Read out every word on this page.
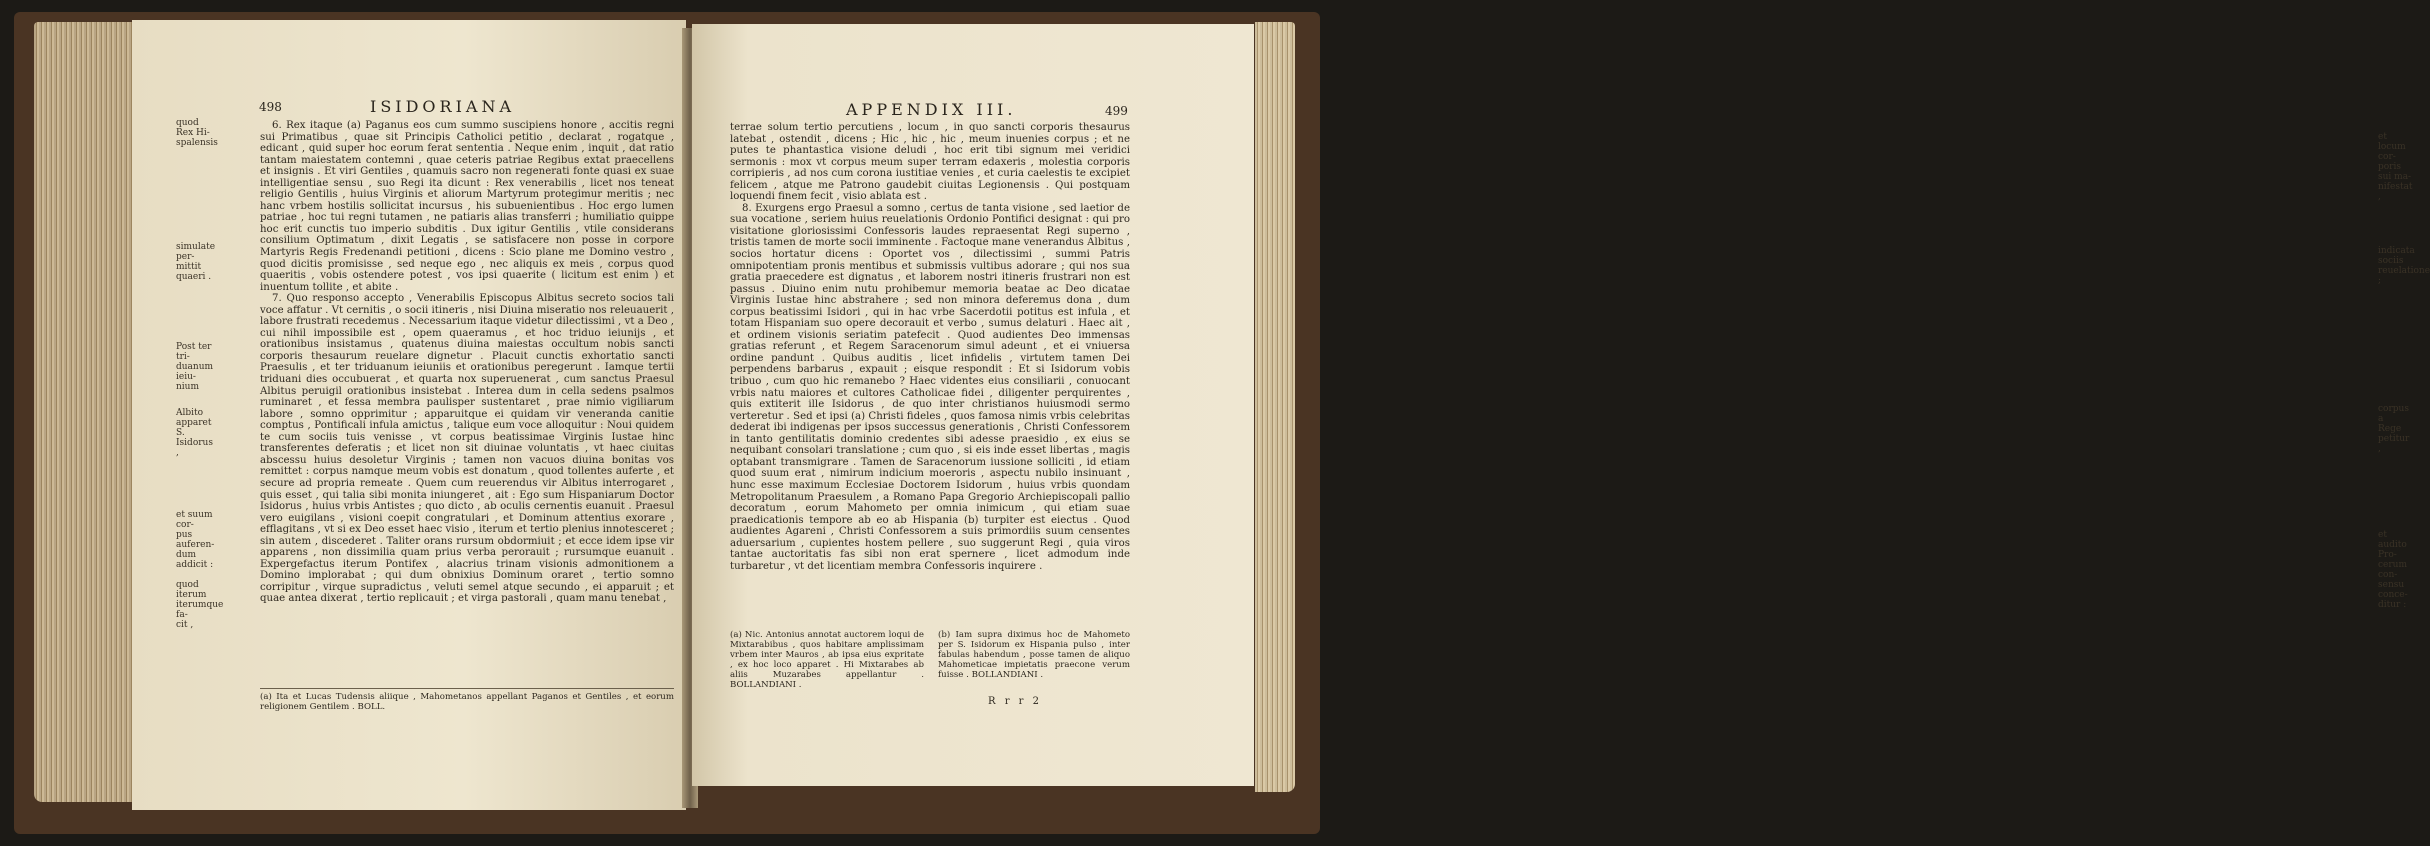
498	ISIDORIANA

6. Rex itaque (a) Paganus eos cum summo suscipiens honore , accitis regni sui Primatibus , quae sit Principis Catholici petitio , declarat , rogatque , edicant , quid super hoc eorum ferat sententia . Neque enim , inquit , dat ratio tantam maiestatem contemni , quae ceteris patriae Regibus extat praecellens et insignis . Et viri Gentiles , quamuis sacro non regenerati fonte quasi ex suae intelligentiae sensu , suo Regi ita dicunt : Rex venerabilis , licet nos teneat religio Gentilis , huius Virginis et aliorum Martyrum protegimur meritis ; nec hanc vrbem hostilis sollicitat incursus , his subuenientibus . Hoc ergo lumen patriae , hoc tui regni tutamen , ne patiaris alias transferri ; humiliatio quippe hoc erit cunctis tuo imperio subditis . Dux igitur Gentilis , vtile considerans consilium Optimatum , dixit Legatis , se satisfacere non posse in corpore Martyris Regis Fredenandi petitioni , dicens : Scio plane me Domino vestro , quod dicitis promisisse , sed neque ego , nec aliquis ex meis , corpus quod quaeritis , vobis ostendere potest , vos ipsi quaerite ( licitum est enim ) et inuentum tollite , et abite .

7. Quo responso accepto , Venerabilis Episcopus Albitus secreto socios tali voce affatur . Vt cernitis , o socii itineris , nisi Diuina miseratio nos releuauerit , labore frustrati recedemus . Necessarium itaque videtur dilectissimi , vt a Deo , cui nihil impossibile est , opem quaeramus , et hoc triduo ieiunijs , et orationibus insistamus , quatenus diuina maiestas occultum nobis sancti corporis thesaurum reuelare dignetur . Placuit cunctis exhortatio sancti Praesulis , et ter triduanum ieiuniis et orationibus peregerunt . Iamque tertii triduani dies occubuerat , et quarta nox superuenerat , cum sanctus Praesul Albitus peruigil orationibus insistebat . Interea dum in cella sedens psalmos ruminaret , et fessa membra paulisper sustentaret , prae nimio vigiliarum labore , somno opprimitur ; apparuitque ei quidam vir veneranda canitie comptus , Pontificali infula amictus , talique eum voce alloquitur : Noui quidem te cum sociis tuis venisse , vt corpus beatissimae Virginis Iustae hinc transferentes deferatis ; et licet non sit diuinae voluntatis , vt haec ciuitas abscessu huius desoletur Virginis ; tamen non vacuos diuina bonitas vos remittet : corpus namque meum vobis est donatum , quod tollentes auferte , et secure ad propria remeate . Quem cum reuerendus vir Albitus interrogaret , quis esset , qui talia sibi monita iniungeret , ait : Ego sum Hispaniarum Doctor Isidorus , huius vrbis Antistes ; quo dicto , ab oculis cernentis euanuit . Praesul vero euigilans , visioni coepit congratulari , et Dominum attentius exorare , efflagitans , vt si ex Deo esset haec visio , iterum et tertio plenius innotesceret ; sin autem , discederet . Taliter orans rursum obdormiuit ; et ecce idem ipse vir apparens , non dissimilia quam prius verba perorauit ; rursumque euanuit . Expergefactus iterum Pontifex , alacrius trinam visionis admonitionem a Domino implorabat ; qui dum obnixius Dominum oraret , tertio somno corripitur , virque supradictus , veluti semel atque secundo , ei apparuit ; et quae antea dixerat , tertio replicauit ; et virga pastorali , quam manu tenebat ,

(a) Ita et Lucas Tudensis aliique , Mahometanos appellant Paganos et Gentiles , et eorum religionem Gentilem . BOLL.
quod Rex Hi-
spalensis
simulate per-
mittit quaeri .
Post ter tri-
duanum ieiu-
nium
Albito apparet
S. Isidorus ,
et suum cor-
pus auferen-
dum addicit :
quod iterum
iterumque fa-
cit ,
APPENDIX III.	499

terrae solum tertio percutiens , locum , in quo sancti corporis thesaurus latebat , ostendit , dicens ; Hic , hic , hic , meum inuenies corpus ; et ne putes te phantastica visione deludi , hoc erit tibi signum mei veridici sermonis : mox vt corpus meum super terram edaxeris , molestia corporis corripieris , ad nos cum corona iustitiae venies , et curia caelestis te excipiet felicem , atque me Patrono gaudebit ciuitas Legionensis . Qui postquam loquendi finem fecit , visio ablata est .

8. Exurgens ergo Praesul a somno , certus de tanta visione , sed laetior de sua vocatione , seriem huius reuelationis Ordonio Pontifici designat : qui pro visitatione gloriosissimi Confessoris laudes repraesentat Regi superno , tristis tamen de morte socii imminente . Factoque mane venerandus Albitus , socios hortatur dicens : Oportet vos , dilectissimi , summi Patris omnipotentiam pronis mentibus et submissis vultibus adorare ; qui nos sua gratia praecedere est dignatus , et laborem nostri itineris frustrari non est passus . Diuino enim nutu prohibemur memoria beatae ac Deo dicatae Virginis Iustae hinc abstrahere ; sed non minora deferemus dona , dum corpus beatissimi Isidori , qui in hac vrbe Sacerdotii potitus est infula , et totam Hispaniam suo opere decorauit et verbo , sumus delaturi . Haec ait , et ordinem visionis seriatim patefecit . Quod audientes Deo immensas gratias referunt , et Regem Saracenorum simul adeunt , et ei vniuersa ordine pandunt . Quibus auditis , licet infidelis , virtutem tamen Dei perpendens barbarus , expauit ; eisque respondit : Et si Isidorum vobis tribuo , cum quo hic remanebo ? Haec videntes eius consiliarii , conuocant vrbis natu maiores et cultores Catholicae fidei , diligenter perquirentes , quis extiterit ille Isidorus , de quo inter christianos huiusmodi sermo verteretur . Sed et ipsi (a) Christi fideles , quos famosa nimis vrbis celebritas dederat ibi indigenas per ipsos successus generationis , Christi Confessorem in tanto gentilitatis dominio credentes sibi adesse praesidio , ex eius se nequibant consolari translatione ; cum quo , si eis inde esset libertas , magis optabant transmigrare . Tamen de Saracenorum iussione solliciti , id etiam quod suum erat , nimirum indicium moeroris , aspectu nubilo insinuant , hunc esse maximum Ecclesiae Doctorem Isidorum , huius vrbis quondam Metropolitanum Praesulem , a Romano Papa Gregorio Archiepiscopali pallio decoratum , eorum Mahometo per omnia inimicum , qui etiam suae praedicationis tempore ab eo ab Hispania (b) turpiter est eiectus . Quod audientes Agareni , Christi Confessorem a suis primordiis suum censentes aduersarium , cupientes hostem pellere , suo suggerunt Regi , quia viros tantae auctoritatis fas sibi non erat spernere , licet admodum inde turbaretur , vt det licentiam membra Confessoris inquirere .

(a) Nic. Antonius annotat auctorem loqui de Mixtarabibus , quos habitare amplissimam vrbem inter Mauros , ab ipsa eius expritate , ex hoc loco apparet . Hi Mixtarabes ab aliis Muzarabes appellantur . BOLLANDIANI .
(b) Iam supra diximus hoc de Mahometo per S. Isidorum ex Hispania pulso , inter fabulas habendum , posse tamen de aliquo Mahometicae impietatis praecone verum fuisse . BOLLANDIANI .
R r r 2
et locum cor-
poris sui ma-
nifestat ,
indicata sociis
reuelatione ;
corpus a Rege
petitur ,
et audito Pro-
cerum con-
sensu conce-
ditur :
